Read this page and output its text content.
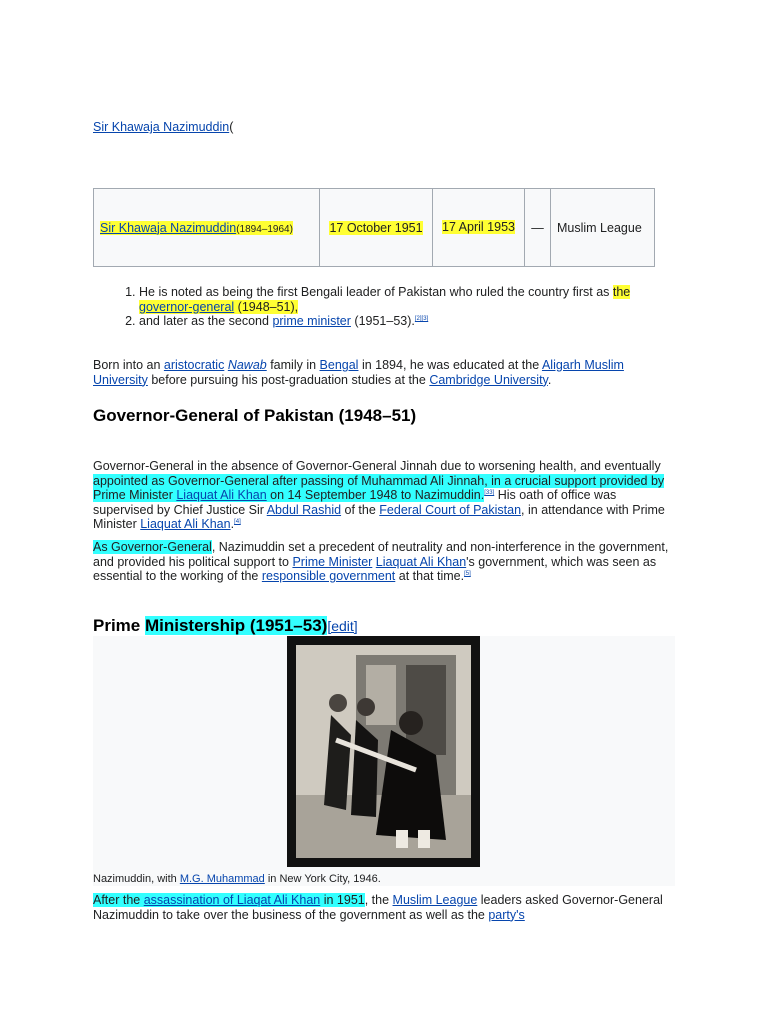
Sir Khawaja Nazimuddin(
Sir Khawaja Nazimuddin(1894–1964)	17 October 1951	17 April 1953	—	Muslim League
1. He is noted as being the first Bengali leader of Pakistan who ruled the country first as the governor-general (1948–51),
2. and later as the second prime minister (1951–53).[2][3]

Born into an aristocratic Nawab family in Bengal in 1894, he was educated at the Aligarh Muslim University before pursuing his post-graduation studies at the Cambridge University.

Governor-General of Pakistan (1948–51)

Governor-General in the absence of Governor-General Jinnah due to worsening health, and eventually appointed as Governor-General after passing of Muhammad Ali Jinnah, in a crucial support provided by Prime Minister Liaquat Ali Khan on 14 September 1948 to Nazimuddin.[33] His oath of office was supervised by Chief Justice Sir Abdul Rashid of the Federal Court of Pakistan, in attendance with Prime Minister Liaquat Ali Khan.[4]

As Governor-General, Nazimuddin set a precedent of neutrality and non-interference in the government, and provided his political support to Prime Minister Liaquat Ali Khan's government, which was seen as essential to the working of the responsible government at that time.[5]

Prime Ministership (1951–53)[edit]
Nazimuddin, with M.G. Muhammad in New York City, 1946.

After the assassination of Liaqat Ali Khan in 1951, the Muslim League leaders asked Governor-General Nazimuddin to take over the business of the government as well as the party's
